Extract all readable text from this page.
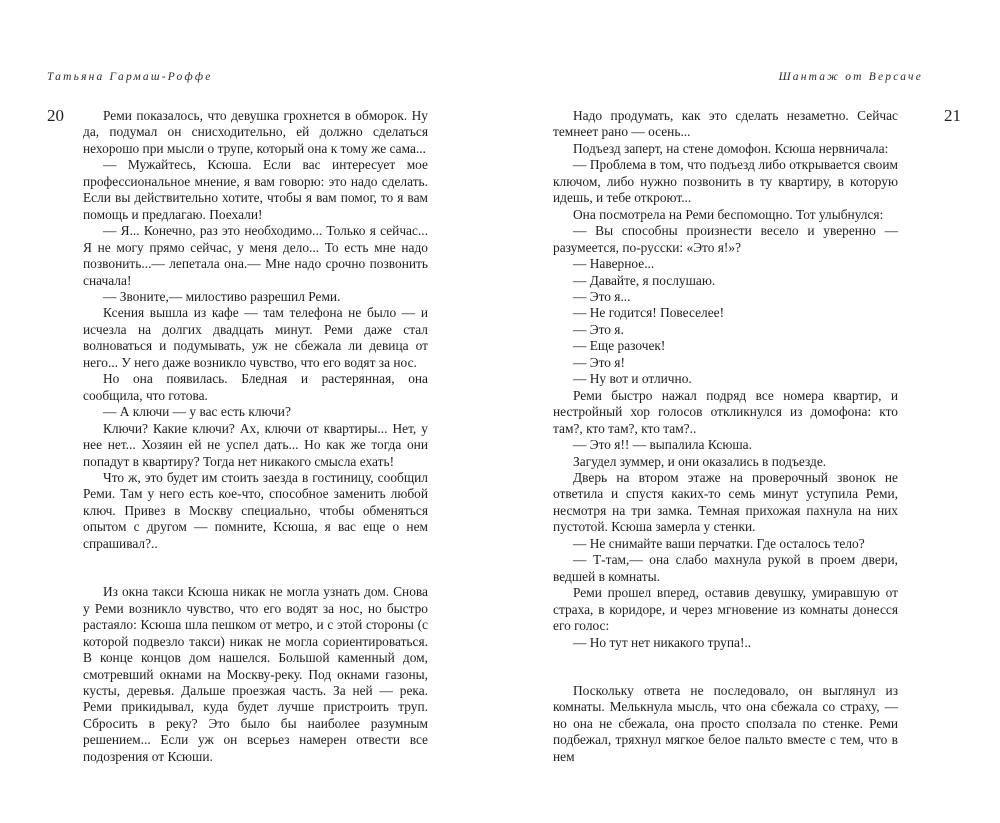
Татьяна Гармаш-Роффе
20	Реми показалось, что девушка грохнется в обморок. Ну да, подумал он снисходительно, ей должно сделаться нехорошо при мысли о трупе, который она к тому же сама...

— Мужайтесь, Ксюша. Если вас интересует мое профессиональное мнение, я вам говорю: это надо сделать. Если вы действительно хотите, чтобы я вам помог, то я вам помощь и предлагаю. Поехали!

— Я... Конечно, раз это необходимо... Только я сейчас... Я не могу прямо сейчас, у меня дело... То есть мне надо позвонить...— лепетала она.— Мне надо срочно позвонить сначала!

— Звоните,— милостиво разрешил Реми.

Ксения вышла из кафе — там телефона не было — и исчезла на долгих двадцать минут. Реми даже стал волноваться и подумывать, уж не сбежала ли девица от него... У него даже возникло чувство, что его водят за нос.

Но она появилась. Бледная и растерянная, она сообщила, что готова.

— А ключи — у вас есть ключи?

Ключи? Какие ключи? Ах, ключи от квартиры... Нет, у нее нет... Хозяин ей не успел дать... Но как же тогда они попадут в квартиру? Тогда нет никакого смысла ехать!

Что ж, это будет им стоить заезда в гостиницу, сообщил Реми. Там у него есть кое-что, способное заменить любой ключ. Привез в Москву специально, чтобы обменяться опытом с другом — помните, Ксюша, я вас еще о нем спрашивал?..

Из окна такси Ксюша никак не могла узнать дом. Снова у Реми возникло чувство, что его водят за нос, но быстро растаяло: Ксюша шла пешком от метро, и с этой стороны (с которой подвезло такси) никак не могла сориентироваться. В конце концов дом нашелся. Большой каменный дом, смотревший окнами на Москву-реку. Под окнами газоны, кусты, деревья. Дальше проезжая часть. За ней — река. Реми прикидывал, куда будет лучше пристроить труп. Сбросить в реку? Это было бы наиболее разумным решением... Если уж он всерьез намерен отвести все подозрения от Ксюши.

Шантаж от Версаче
21

Надо продумать, как это сделать незаметно. Сейчас темнеет рано — осень...

Подъезд заперт, на стене домофон. Ксюша нервничала:

— Проблема в том, что подъезд либо открывается своим ключом, либо нужно позвонить в ту квартиру, в которую идешь, и тебе откроют...

Она посмотрела на Реми беспомощно. Тот улыбнулся:

— Вы способны произнести весело и уверенно — разумеется, по-русски: «Это я!»?

— Наверное...

— Давайте, я послушаю.

— Это я...

— Не годится! Повеселее!

— Это я.

— Еще разочек!

— Это я!

— Ну вот и отлично.

Реми быстро нажал подряд все номера квартир, и нестройный хор голосов откликнулся из домофона: кто там?, кто там?, кто там?..

— Это я!! — выпалила Ксюша.

Загудел зуммер, и они оказались в подъезде.

Дверь на втором этаже на проверочный звонок не ответила и спустя каких-то семь минут уступила Реми, несмотря на три замка. Темная прихожая пахнула на них пустотой. Ксюша замерла у стенки.

— Не снимайте ваши перчатки. Где осталось тело?

— Т-там,— она слабо махнула рукой в проем двери, ведшей в комнаты.

Реми прошел вперед, оставив девушку, умиравшую от страха, в коридоре, и через мгновение из комнаты донесся его голос:

— Но тут нет никакого трупа!..

Поскольку ответа не последовало, он выглянул из комнаты. Мелькнула мысль, что она сбежала со страху, — но она не сбежала, она просто сползала по стенке. Реми подбежал, тряхнул мягкое белое пальто вместе с тем, что в нем
